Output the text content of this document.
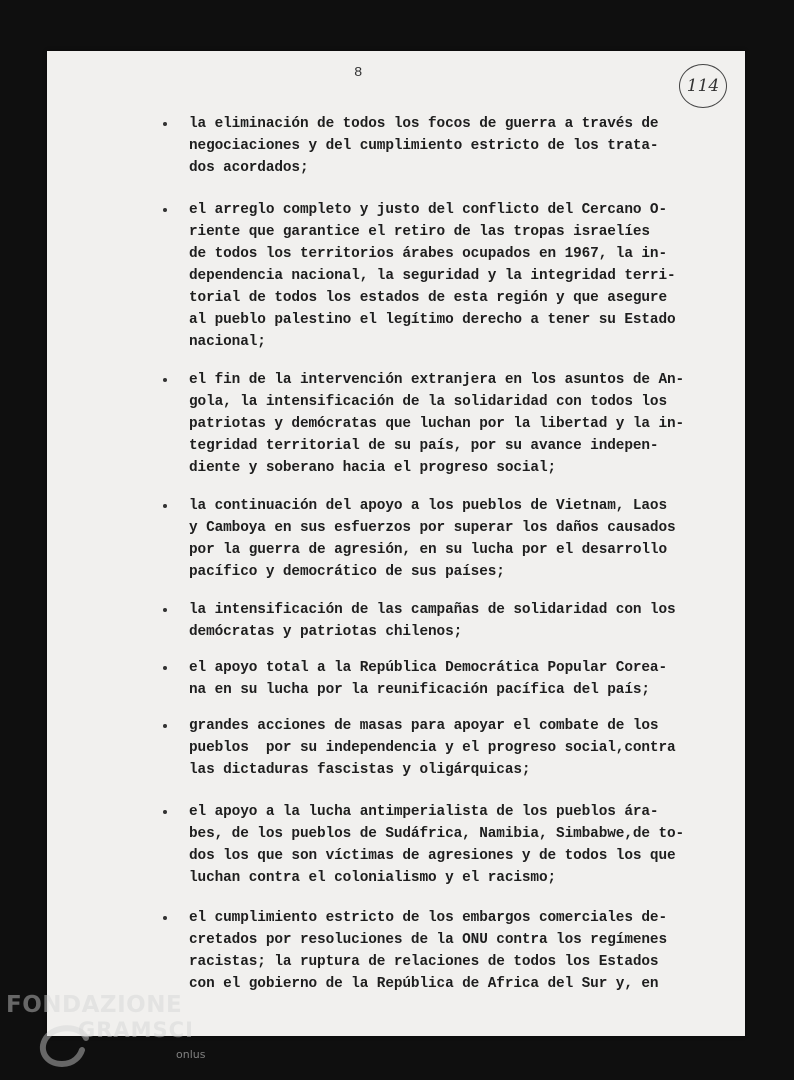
8
114
la eliminación de todos los focos de guerra a través de
negociaciones y del cumplimiento estricto de los trata-
dos acordados;
el arreglo completo y justo del conflicto del Cercano O-
riente que garantice el retiro de las tropas israelíes
de todos los territorios árabes ocupados en 1967, la in-
dependencia nacional, la seguridad y la integridad terri-
torial de todos los estados de esta región y que asegure
al pueblo palestino el legítimo derecho a tener su Estado
nacional;
el fin de la intervención extranjera en los asuntos de An-
gola, la intensificación de la solidaridad con todos los
patriotas y demócratas que luchan por la libertad y la in-
tegridad territorial de su país, por su avance indepen-
diente y soberano hacia el progreso social;
la continuación del apoyo a los pueblos de Vietnam, Laos
y Camboya en sus esfuerzos por superar los daños causados
por la guerra de agresión, en su lucha por el desarrollo
pacífico y democrático de sus países;
la intensificación de las campañas de solidaridad con los
demócratas y patriotas chilenos;
el apoyo total a la República Democrática Popular Corea-
na en su lucha por la reunificación pacífica del país;
grandes acciones de masas para apoyar el combate de los
pueblos  por su independencia y el progreso social,contra
las dictaduras fascistas y oligárquicas;
el apoyo a la lucha antimperialista de los pueblos ára-
bes, de los pueblos de Sudáfrica, Namibia, Simbabwe,de to-
dos los que son víctimas de agresiones y de todos los que
luchan contra el colonialismo y el racismo;
el cumplimiento estricto de los embargos comerciales de-
cretados por resoluciones de la ONU contra los regímenes
racistas; la ruptura de relaciones de todos los Estados
con el gobierno de la República de Africa del Sur y, en
FONDAZIONE
GRAMSCI
onlus
